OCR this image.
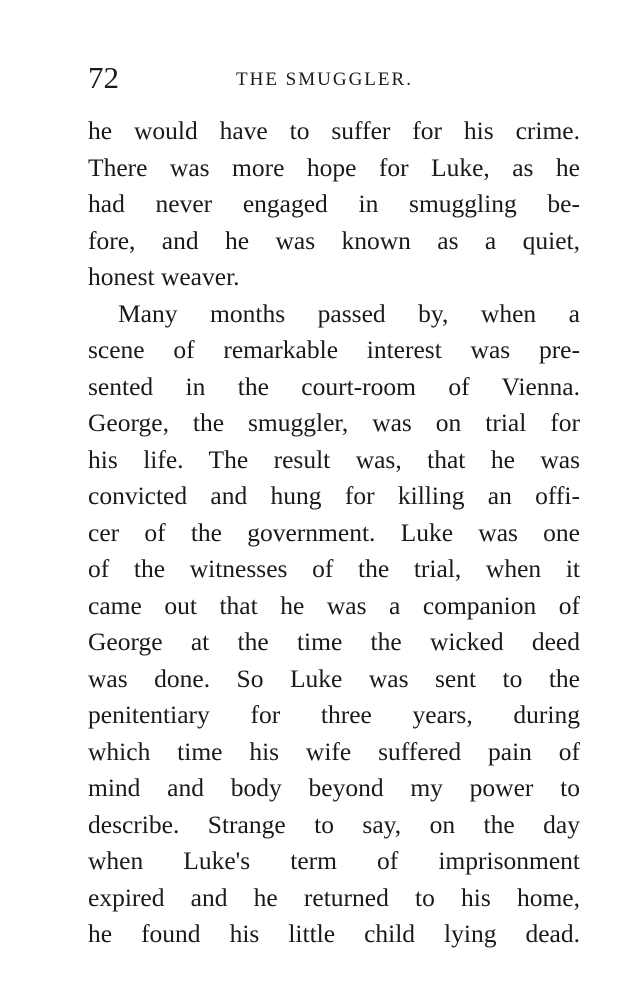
72	THE SMUGGLER.
he would have to suffer for his crime.
There was more hope for Luke, as he
had never engaged in smuggling be-
fore, and he was known as a quiet,
honest weaver.
Many months passed by, when a
scene of remarkable interest was pre-
sented in the court-room of Vienna.
George, the smuggler, was on trial for
his life. The result was, that he was
convicted and hung for killing an offi-
cer of the government. Luke was one
of the witnesses of the trial, when it
came out that he was a companion of
George at the time the wicked deed
was done. So Luke was sent to the
penitentiary for three years, during
which time his wife suffered pain of
mind and body beyond my power to
describe. Strange to say, on the day
when Luke's term of imprisonment
expired and he returned to his home,
he found his little child lying dead.
